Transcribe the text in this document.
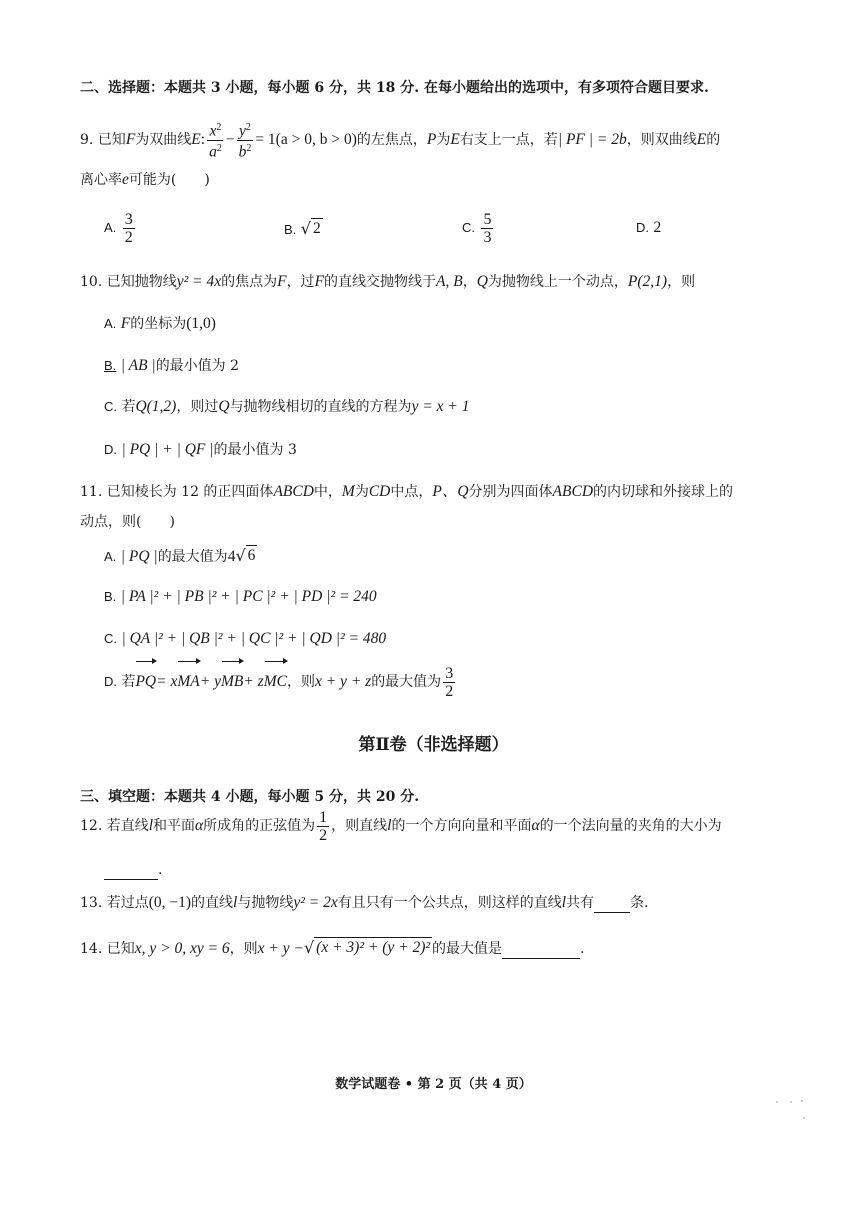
二、选择题：本题共 3 小题，每小题 6 分，共 18 分. 在每小题给出的选项中，有多项符合题目要求.
9. 已知F为双曲线E: $\frac{x^2}{a^2} - \frac{y^2}{b^2} = 1(a > 0$, b > 0)的左焦点，P为E右支上一点，若| PF | = 2b，则双曲线E的
离心率e可能为(　　)
A. $\frac{3}{2}$	B. √ 2	C. $\frac{5}{3}$	D. 2
10. 已知抛物线y² = 4x的焦点为F，过F的直线交抛物线于A, B，Q为抛物线上一个动点，P(2,1)，则
A. F的坐标为(1,0)
B. | AB |的最小值为 2
C. 若Q(1,2)，则过Q与抛物线相切的直线的方程为y = x + 1
D. | PQ | + | QF |的最小值为 3
11. 已知棱长为 12 的正四面体ABCD中，M为CD中点，P、Q分别为四面体ABCD的内切球和外接球上的
动点，则(　　)
A. | PQ |的最大值为4 √ 6
B. | PA |² + | PB |² + | PC |² + | PD |² = 240
C. | QA |² + | QB |² + | QC |² + | QD |² = 480
D. 若PQ= xMA+ yMB+ zMC，则x + y + z的最大值为 $\frac{3}{2}$
第Ⅱ卷（非选择题）
三、填空题：本题共 4 小题，每小题 5 分，共 20 分.
12. 若直线l和平面α所成角的正弦值为 $\frac{1}{2}$ ，则直线l的一个方向向量和平面α的一个法向量的夹角的大小为
.
13. 若过点(0, −1)的直线l与抛物线y² = 2x有且只有一个公共点，则这样的直线l共有	条.
14. 已知x, y > 0, xy = 6，则x + y − √ (x + 3)² + (y + 2)² 的最大值是	.
数学试题卷 • 第 2 页（共 4 页）
